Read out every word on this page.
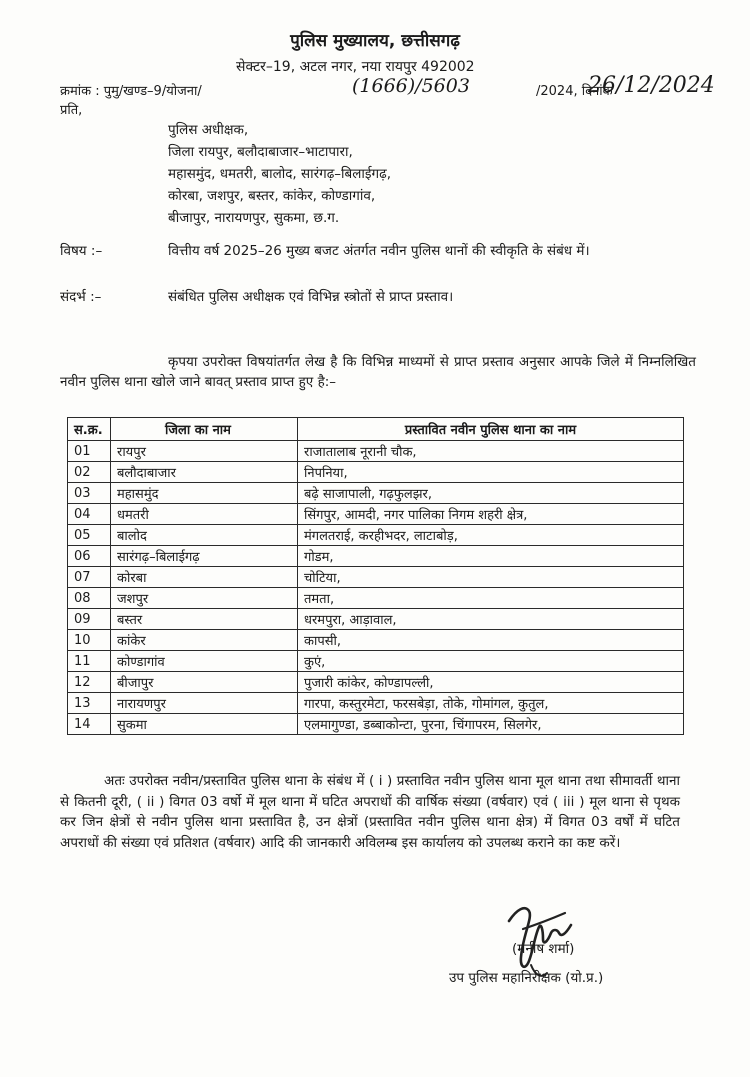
पुलिस मुख्यालय, छत्तीसगढ़
सेक्टर–19, अटल नगर, नया रायपुर 492002
क्रमांक : पुमु/खण्ड–9/योजना/	(1666)/5603	/2024, दिनांक
26/12/2024
प्रति,
पुलिस अधीक्षक,
जिला रायपुर, बलौदाबाजार–भाटापारा,
महासमुंद, धमतरी, बालोद, सारंगढ़–बिलाईगढ़,
कोरबा, जशपुर, बस्तर, कांकेर, कोण्डागांव,
बीजापुर, नारायणपुर, सुकमा, छ.ग.
विषय :–	वित्तीय वर्ष 2025–26 मुख्य बजट अंतर्गत नवीन पुलिस थानों की स्वीकृति के संबंध में।
संदर्भ :–	संबंधित पुलिस अधीक्षक एवं विभिन्न स्त्रोतों से प्राप्त प्रस्ताव।
कृपया उपरोक्त विषयांतर्गत लेख है कि विभिन्न माध्यमों से प्राप्त प्रस्ताव अनुसार आपके जिले में निम्नलिखित नवीन पुलिस थाना खोले जाने बावत् प्रस्ताव प्राप्त हुए है:–
स.क्र.	जिला का नाम	प्रस्तावित नवीन पुलिस थाना का नाम
01	रायपुर	राजातालाब नूरानी चौक,
02	बलौदाबाजार	निपनिया,
03	महासमुंद	बढ़े साजापाली, गढ़फुलझर,
04	धमतरी	सिंगपुर, आमदी, नगर पालिका निगम शहरी क्षेत्र,
05	बालोद	मंगलतराई, करहीभदर, लाटाबोड़,
06	सारंगढ़–बिलाईगढ़	गोडम,
07	कोरबा	चोटिया,
08	जशपुर	तमता,
09	बस्तर	धरमपुरा, आड़ावाल,
10	कांकेर	कापसी,
11	कोण्डागांव	कुएं,
12	बीजापुर	पुजारी कांकेर, कोण्डापल्ली,
13	नारायणपुर	गारपा, कस्तुरमेटा, फरसबेड़ा, तोके, गोमांगल, कुतुल,
14	सुकमा	एलमागुण्डा, डब्बाकोन्टा, पुरना, चिंगापरम, सिलगेर,
अतः उपरोक्त नवीन/प्रस्तावित पुलिस थाना के संबंध में ( i ) प्रस्तावित नवीन पुलिस थाना मूल थाना तथा सीमावर्ती थाना से कितनी दूरी, ( ii ) विगत 03 वर्षो में मूल थाना में घटित अपराधों की वार्षिक संख्या (वर्षवार) एवं ( iii ) मूल थाना से पृथक कर जिन क्षेत्रों से नवीन पुलिस थाना प्रस्तावित है, उन क्षेत्रों (प्रस्तावित नवीन पुलिस थाना क्षेत्र) में विगत 03 वर्षों में घटित अपराधों की संख्या एवं प्रतिशत (वर्षवार) आदि की जानकारी अविलम्ब इस कार्यालय को उपलब्ध कराने का कष्ट करें।
(मनीष शर्मा)
उप पुलिस महानिरीक्षक (यो.प्र.)
